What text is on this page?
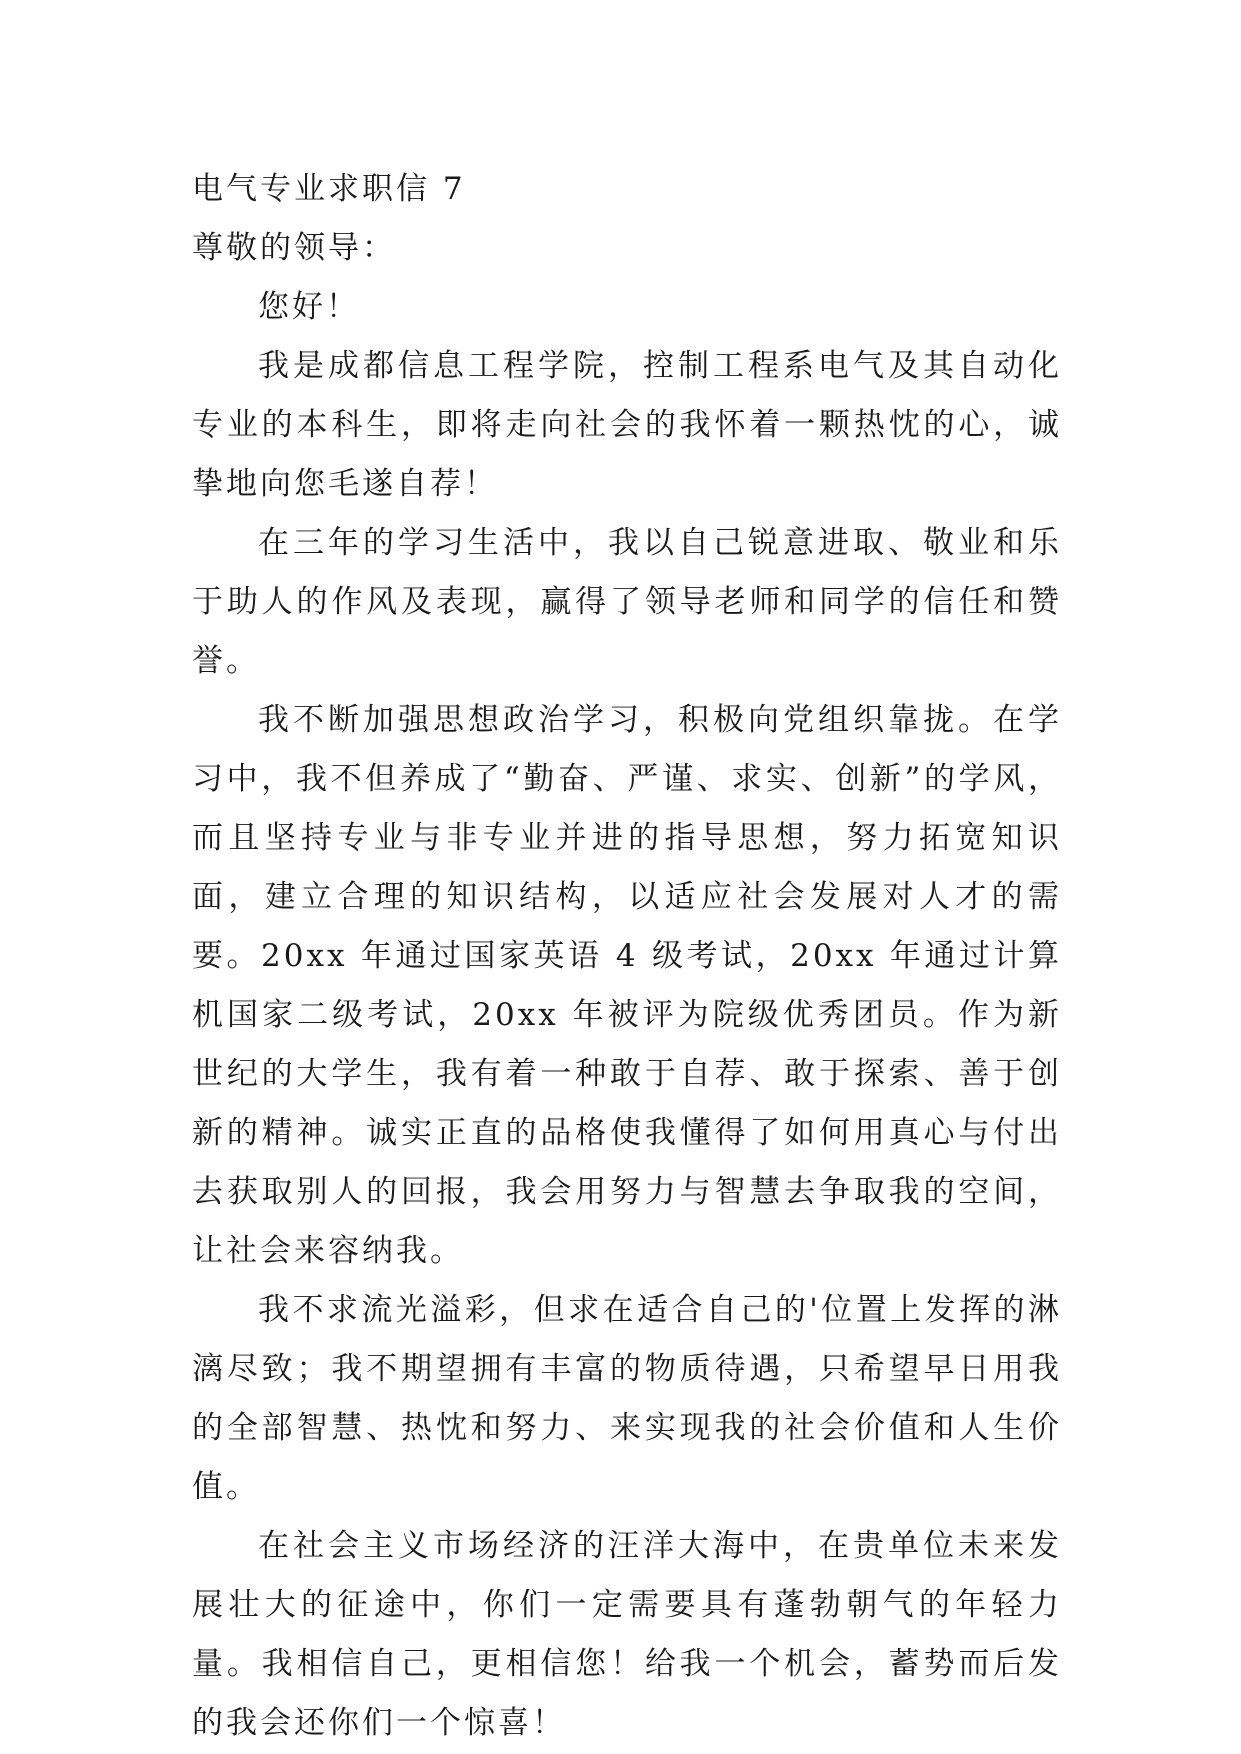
电气专业求职信 7

尊敬的领导：

您好！

我是成都信息工程学院，控制工程系电气及其自动化专业的本科生，即将走向社会的我怀着一颗热忱的心，诚挚地向您毛遂自荐！

在三年的学习生活中，我以自己锐意进取、敬业和乐于助人的作风及表现，赢得了领导老师和同学的信任和赞誉。

我不断加强思想政治学习，积极向党组织靠拢。在学习中，我不但养成了“勤奋、严谨、求实、创新”的学风，而且坚持专业与非专业并进的指导思想，努力拓宽知识面，建立合理的知识结构，以适应社会发展对人才的需要。20xx 年通过国家英语 4 级考试，20xx 年通过计算机国家二级考试，20xx 年被评为院级优秀团员。作为新世纪的大学生，我有着一种敢于自荐、敢于探索、善于创新的精神。诚实正直的品格使我懂得了如何用真心与付出去获取别人的回报，我会用努力与智慧去争取我的空间，让社会来容纳我。

我不求流光溢彩，但求在适合自己的'位置上发挥的淋漓尽致；我不期望拥有丰富的物质待遇，只希望早日用我的全部智慧、热忱和努力、来实现我的社会价值和人生价值。

在社会主义市场经济的汪洋大海中，在贵单位未来发展壮大的征途中，你们一定需要具有蓬勃朝气的年轻力量。我相信自己，更相信您！给我一个机会，蓄势而后发的我会还你们一个惊喜！
